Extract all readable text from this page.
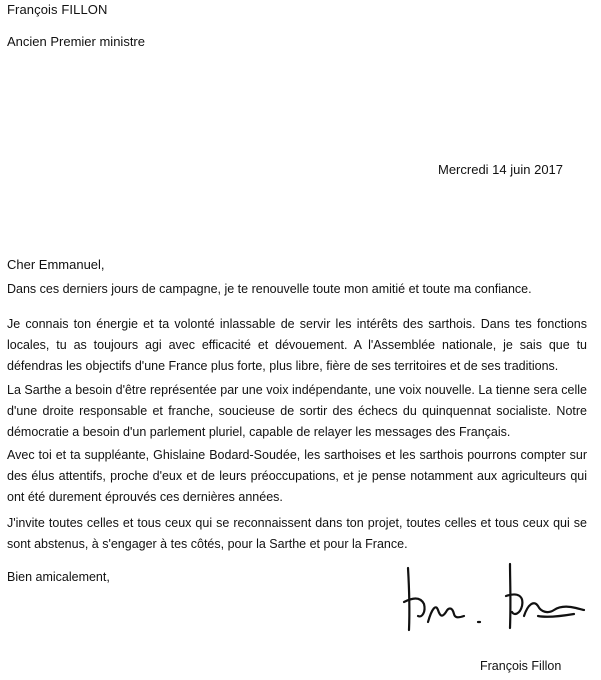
François FILLON
Ancien Premier ministre
Mercredi 14 juin 2017
Cher Emmanuel,

Dans ces derniers jours de campagne, je te renouvelle toute mon amitié et toute ma confiance.

Je connais ton énergie et ta volonté inlassable de servir les intérêts des sarthois. Dans tes fonctions locales, tu as toujours agi avec efficacité et dévouement. A l'Assemblée nationale, je sais que tu défendras les objectifs d'une France plus forte, plus libre, fière de ses territoires et de ses traditions.

La Sarthe a besoin d'être représentée par une voix indépendante, une voix nouvelle. La tienne sera celle d'une droite responsable et franche, soucieuse de sortir des échecs du quinquennat socialiste. Notre démocratie a besoin d'un parlement pluriel, capable de relayer les messages des Français.

Avec toi et ta suppléante, Ghislaine Bodard-Soudée, les sarthoises et les sarthois pourrons compter sur des élus attentifs, proche d'eux et de leurs préoccupations, et je pense notamment aux agriculteurs qui ont été durement éprouvés ces dernières années.

J'invite toutes celles et tous ceux qui se reconnaissent dans ton projet, toutes celles et tous ceux qui se sont abstenus, à s'engager à tes côtés, pour la Sarthe et pour la France.

Bien amicalement,
François Fillon
